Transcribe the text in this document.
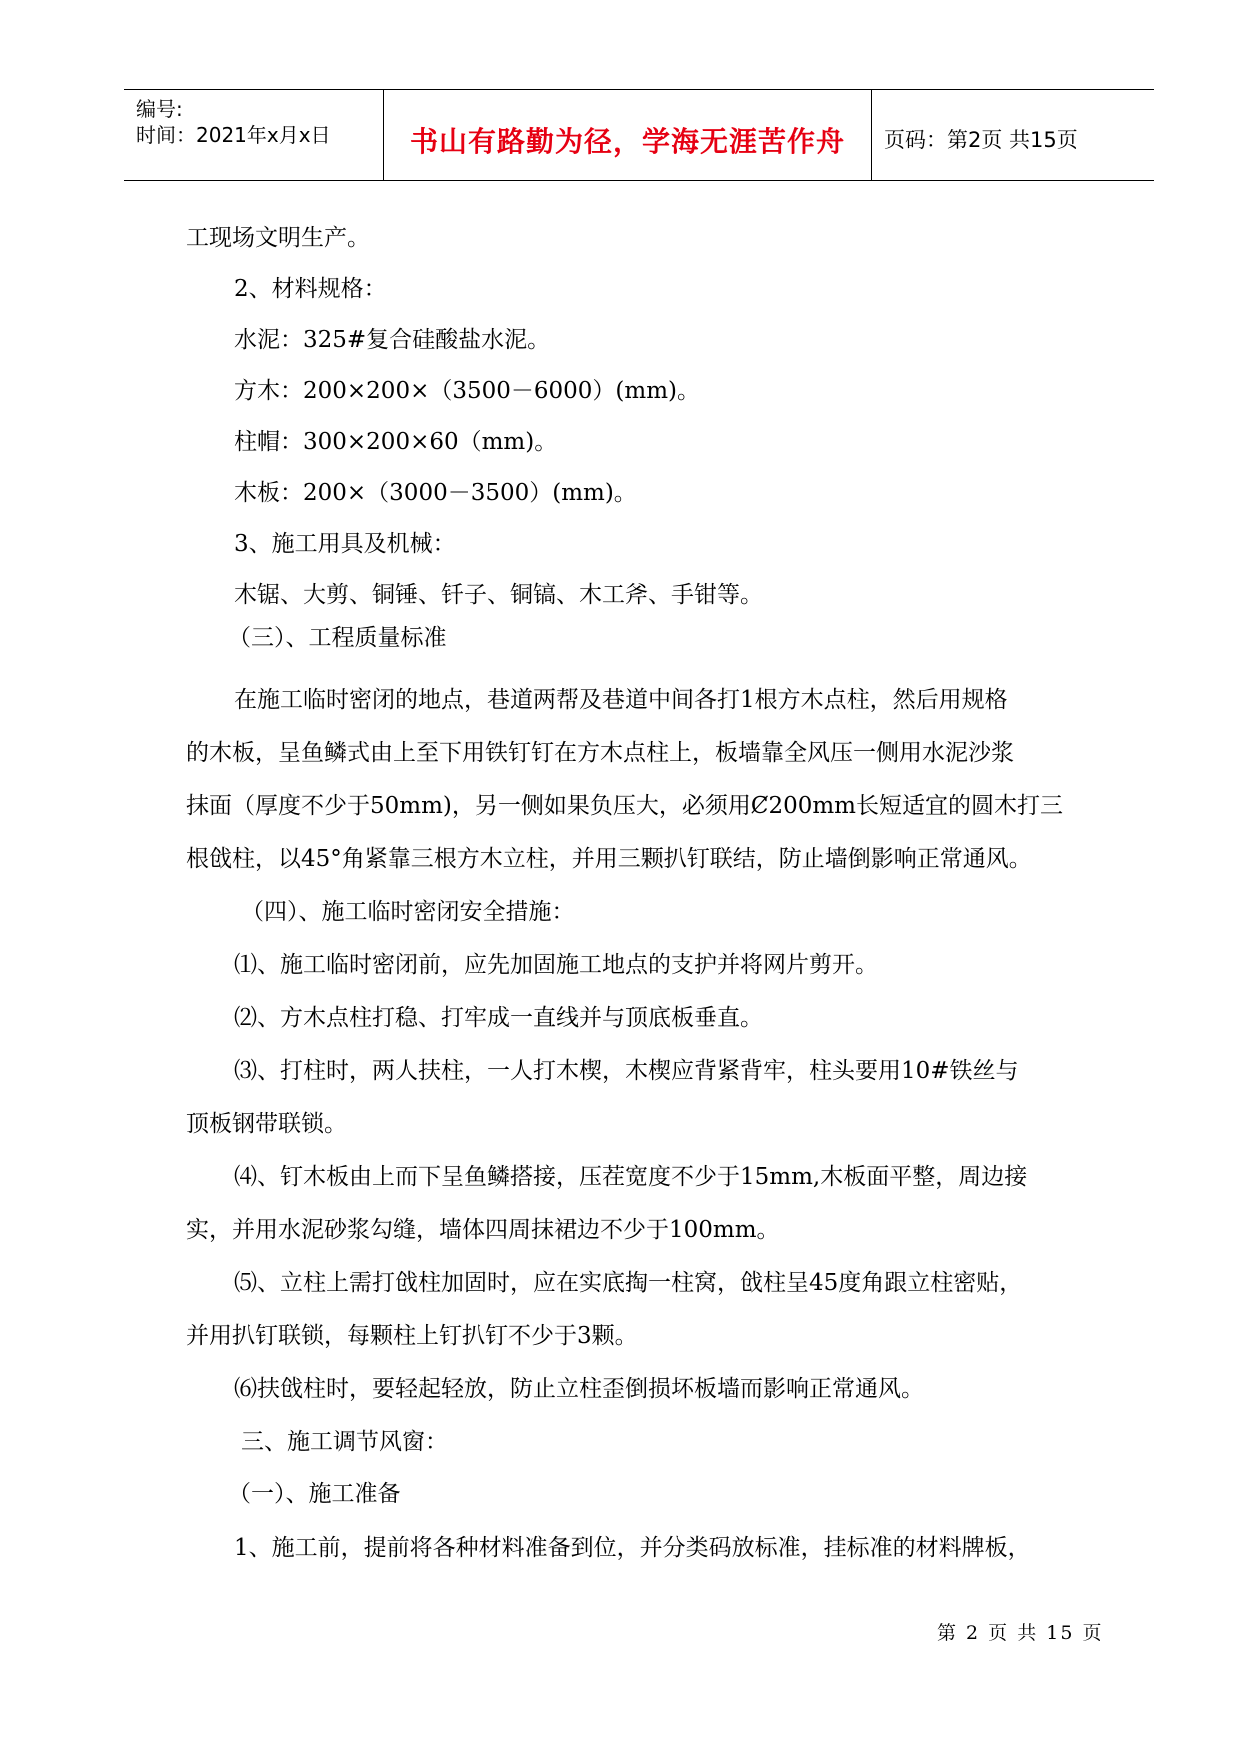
编号:
时间：2021年x月x日	书山有路勤为径，学海无涯苦作舟	页码：第2页 共15页
工现场文明生产。
2、材料规格：
水泥：325#复合硅酸盐水泥。
方木：200×200×（3500－6000）(mm)。
柱帽：300×200×60（mm)。
木板：200×（3000－3500）(mm)。
3、施工用具及机械：
木锯、大剪、铜锤、钎子、铜镐、木工斧、手钳等。
（三）、工程质量标准
在施工临时密闭的地点，巷道两帮及巷道中间各打1根方木点柱，然后用规格
的木板，呈鱼鳞式由上至下用铁钉钉在方木点柱上，板墙靠全风压一侧用水泥沙浆
抹面（厚度不少于50mm)，另一侧如果负压大，必须用Ȼ200mm长短适宜的圆木打三
根戗柱，以45°角紧靠三根方木立柱，并用三颗扒钉联结，防止墙倒影响正常通风。
（四）、施工临时密闭安全措施：
⑴、施工临时密闭前，应先加固施工地点的支护并将网片剪开。
⑵、方木点柱打稳、打牢成一直线并与顶底板垂直。
⑶、打柱时，两人扶柱，一人打木楔，木楔应背紧背牢，柱头要用10#铁丝与
顶板钢带联锁。
⑷、钉木板由上而下呈鱼鳞搭接，压茬宽度不少于15mm,木板面平整，周边接
实，并用水泥砂浆勾缝，墙体四周抹裙边不少于100mm。
⑸、立柱上需打戗柱加固时，应在实底掏一柱窝，戗柱呈45度角跟立柱密贴，
并用扒钉联锁，每颗柱上钉扒钉不少于3颗。
⑹扶戗柱时，要轻起轻放，防止立柱歪倒损坏板墙而影响正常通风。
三、施工调节风窗：
（一）、施工准备
1、施工前，提前将各种材料准备到位，并分类码放标准，挂标准的材料牌板，
第 2 页 共 15 页
